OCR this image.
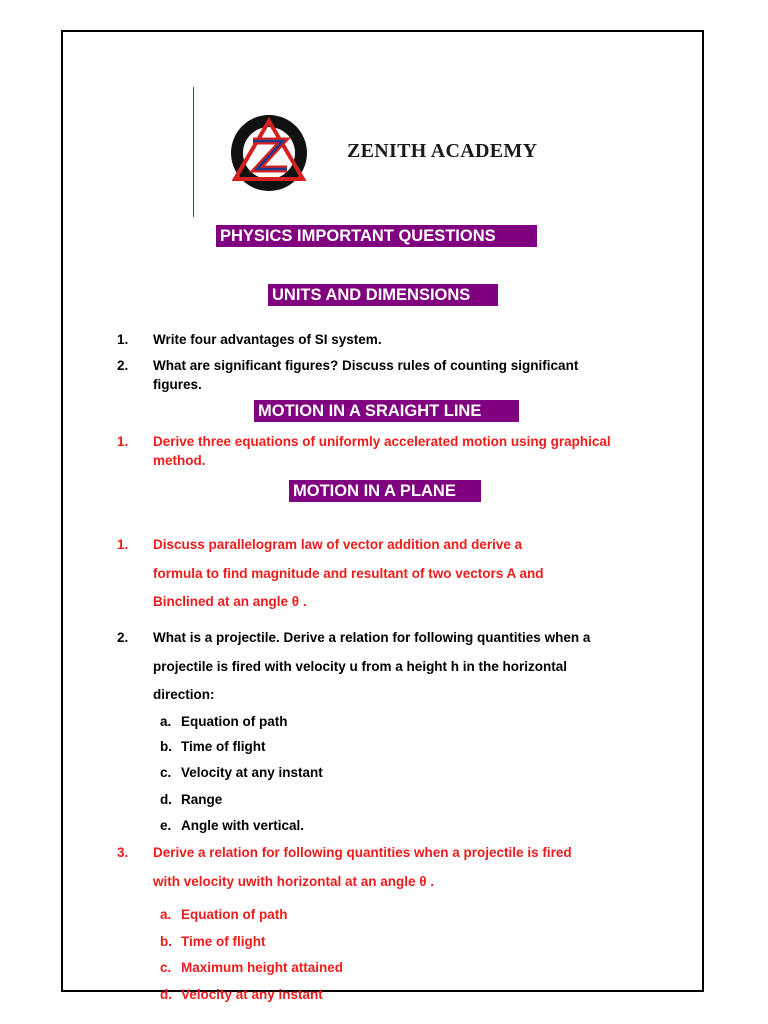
ZENITH ACADEMY
PHYSICS IMPORTANT QUESTIONS
UNITS AND DIMENSIONS
MOTION IN A SRAIGHT LINE
MOTION IN A PLANE
1. Write four advantages of SI system.
2. What are significant figures? Discuss rules of counting significant
figures.
1. Derive three equations of uniformly accelerated motion using graphical
method.
1. Discuss parallelogram law of vector addition and derive a
formula to find magnitude and resultant of two vectors A and
Binclined at an angle θ .
2. What is a projectile. Derive a relation for following quantities when a
projectile is fired with velocity u from a height h in the horizontal
direction:
a. Equation of path
b. Time of flight
c. Velocity at any instant
d. Range
e. Angle with vertical.
3. Derive a relation for following quantities when a projectile is fired
with velocity uwith horizontal at an angle θ .
a. Equation of path
b. Time of flight
c. Maximum height attained
d. Velocity at any instant
